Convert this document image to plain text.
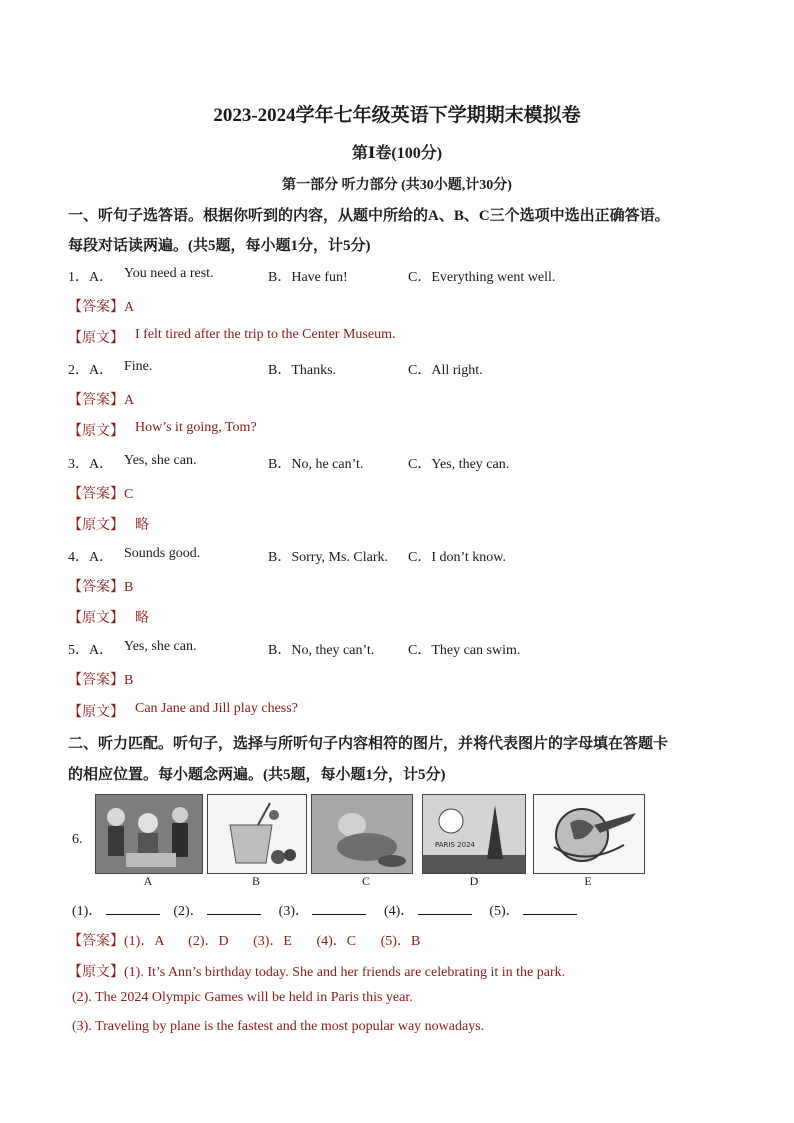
2023-2024学年七年级英语下学期期末模拟卷
第Ⅰ卷(100分)
第一部分 听力部分 (共30小题,计30分)
一、听句子选答语。根据你听到的内容，从题中所给的A、B、C三个选项中选出正确答语。
每段对话读两遍。(共5题，每小题1分，计5分)
1．A． You need a rest.	B．Have fun!	C．Everything went well.
【答案】A
【原文】 I felt tired after the trip to the Center Museum.
2．A． Fine.	B．Thanks.	C．All right.
【答案】A
【原文】 How’s it going, Tom?
3．A． Yes, she can.	B．No, he can’t.	C．Yes, they can.
【答案】C
【原文】 略
4．A． Sounds good.	B．Sorry, Ms. Clark. C．I don’t know.
【答案】B
【原文】 略
5．A． Yes, she can.	B．No, they can’t. C．They can swim.
【答案】B
【原文】 Can Jane and Jill play chess?
二、听力匹配。听句子，选择与所听句子内容相符的图片，并将代表图片的字母填在答题卡
的相应位置。每小题念两遍。(共5题，每小题1分，计5分)
6.	PARIS 2024
A	B	C	D	E
(1)．	(2)．	(3)．	(4)．	(5)．
【答案】(1)．A       (2)．D       (3)．E       (4)．C       (5)．B
【原文】(1). It’s Ann’s birthday today. She and her friends are celebrating it in the park.
(2). The 2024 Olympic Games will be held in Paris this year.
(3). Traveling by plane is the fastest and the most popular way nowadays.
